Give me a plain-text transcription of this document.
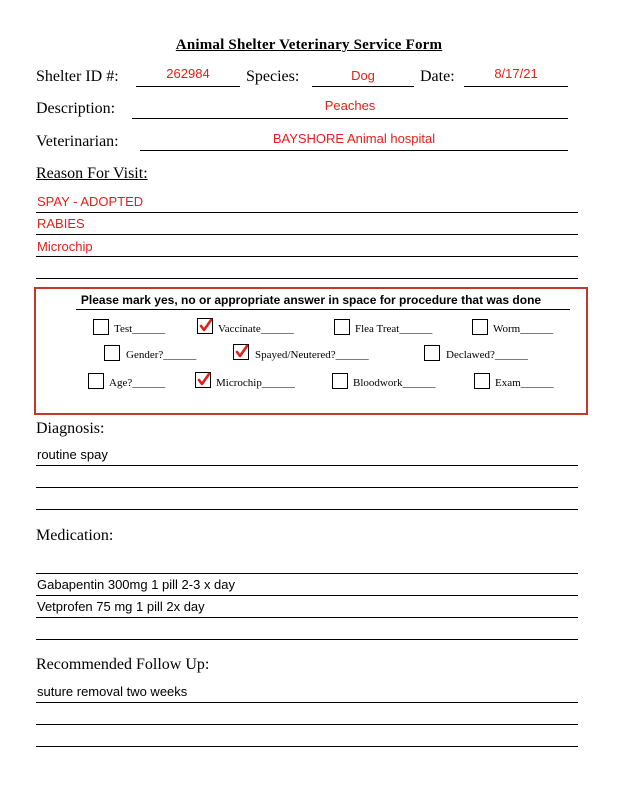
Animal Shelter Veterinary Service Form
Shelter ID #:	262984	Species:	Dog	Date:	8/17/21
Description:	Peaches
Veterinarian:	BAYSHORE Animal hospital
Reason For Visit:
SPAY - ADOPTED
RABIES
Microchip
Please mark yes, no or appropriate answer in space for procedure that was done
Test______	Vaccinate______	Flea Treat______	Worm______
Gender?______	Spayed/Neutered?______	Declawed?______
Age?______	Microchip______	Bloodwork______	Exam______
Diagnosis:
routine spay
Medication:
Gabapentin 300mg 1 pill 2-3 x day
Vetprofen 75 mg 1 pill 2x day
Recommended Follow Up:
suture removal two weeks
